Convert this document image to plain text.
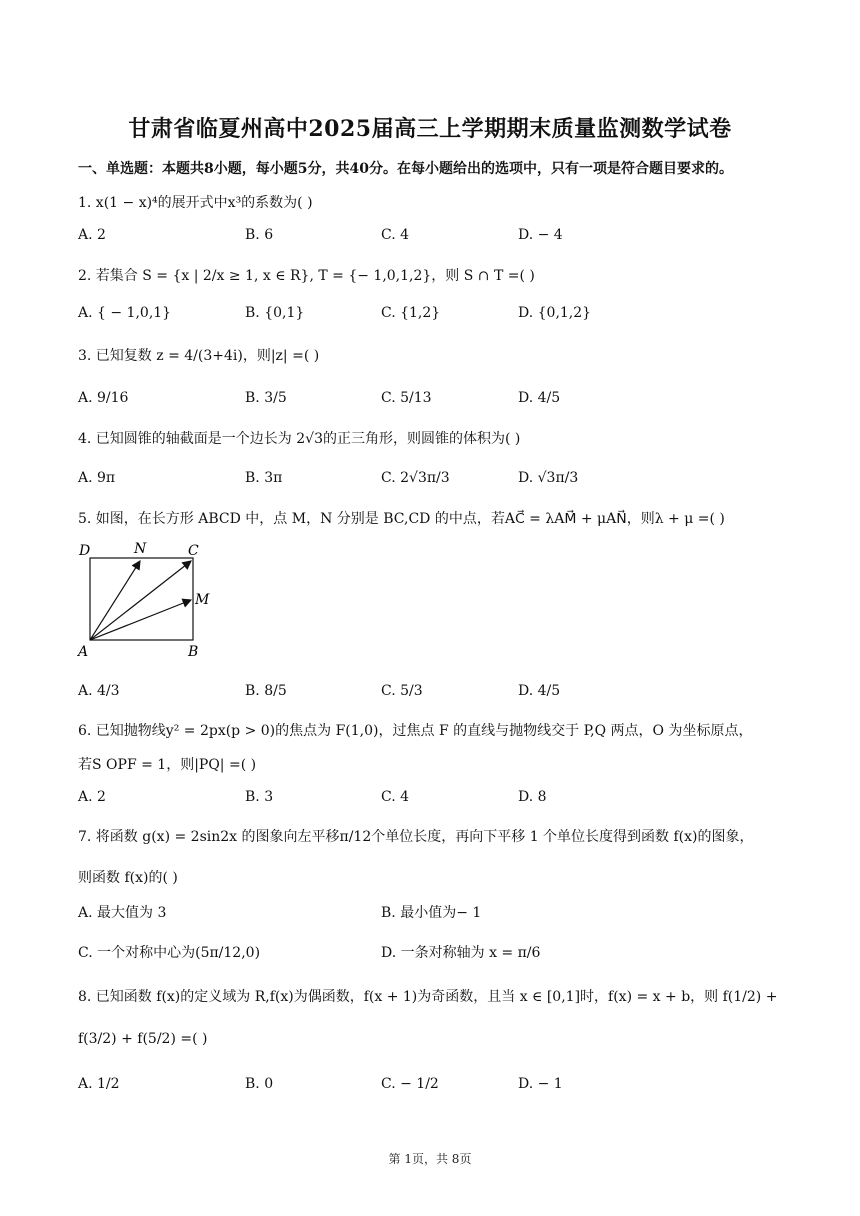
甘肃省临夏州高中2025届高三上学期期末质量监测数学试卷
一、单选题：本题共8小题，每小题5分，共40分。在每小题给出的选项中，只有一项是符合题目要求的。
1. x(1 − x)⁴的展开式中x³的系数为( )
A. 2	B. 6	C. 4	D. − 4
2. 若集合 S = {x | 2/x ≥ 1, x ∈ R}, T = {− 1,0,1,2}，则 S ∩ T =( )
A. { − 1,0,1}	B. {0,1}	C. {1,2}	D. {0,1,2}
3. 已知复数 z = 4/(3+4i)，则|z| =( )
A. 9/16	B. 3/5	C. 5/13	D. 4/5
4. 已知圆锥的轴截面是一个边长为 2√3的正三角形，则圆锥的体积为( )
A. 9π	B. 3π	C. 2√3π/3	D. √3π/3
5. 如图，在长方形 ABCD 中，点 M，N 分别是 BC,CD 的中点，若AC⃗ = λAM⃗ + μAN⃗，则λ + μ =( )
D	N	C
M
A	B
A. 4/3	B. 8/5	C. 5/3	D. 4/5
6. 已知抛物线y² = 2px(p > 0)的焦点为 F(1,0)，过焦点 F 的直线与抛物线交于 P,Q 两点，O 为坐标原点，
若S OPF = 1，则|PQ| =( )
A. 2	B. 3	C. 4	D. 8
7. 将函数 g(x) = 2sin2x 的图象向左平移π/12个单位长度，再向下平移 1 个单位长度得到函数 f(x)的图象，
则函数 f(x)的( )
A. 最大值为 3	B. 最小值为− 1
C. 一个对称中心为(5π/12,0)	D. 一条对称轴为 x = π/6
8. 已知函数 f(x)的定义域为 R,f(x)为偶函数，f(x + 1)为奇函数，且当 x ∈ [0,1]时，f(x) = x + b，则 f(1/2) +
f(3/2) + f(5/2) =( )
A. 1/2	B. 0	C. − 1/2	D. − 1
第 1页，共 8页
